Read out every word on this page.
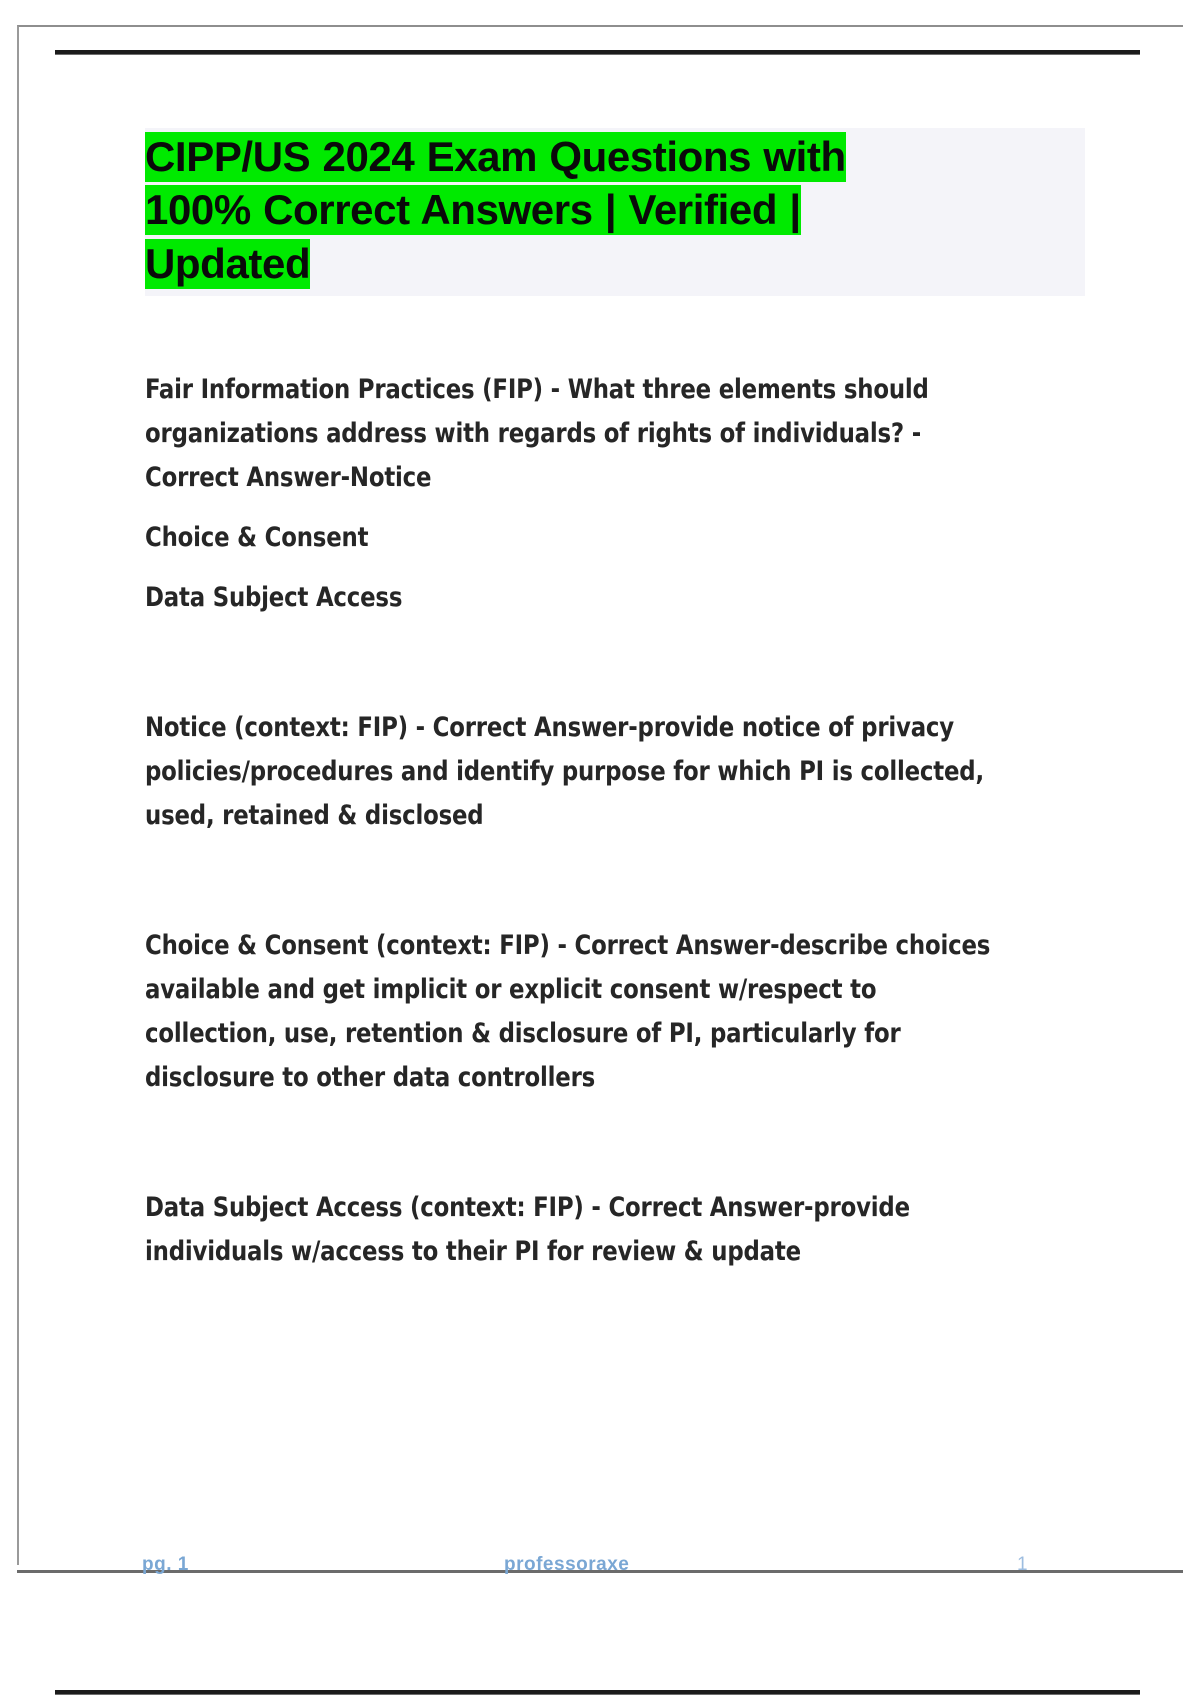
CIPP/US 2024 Exam Questions with
100% Correct Answers | Verified |
Updated

Fair Information Practices (FIP) - What three elements should organizations address with regards of rights of individuals? - Correct Answer-Notice

Choice & Consent

Data Subject Access

Notice (context: FIP) - Correct Answer-provide notice of privacy policies/procedures and identify purpose for which PI is collected, used, retained & disclosed

Choice & Consent (context: FIP) - Correct Answer-describe choices available and get implicit or explicit consent w/respect to collection, use, retention & disclosure of PI, particularly for disclosure to other data controllers

Data Subject Access (context: FIP) - Correct Answer-provide individuals w/access to their PI for review & update

pg. 1	professoraxe	1
